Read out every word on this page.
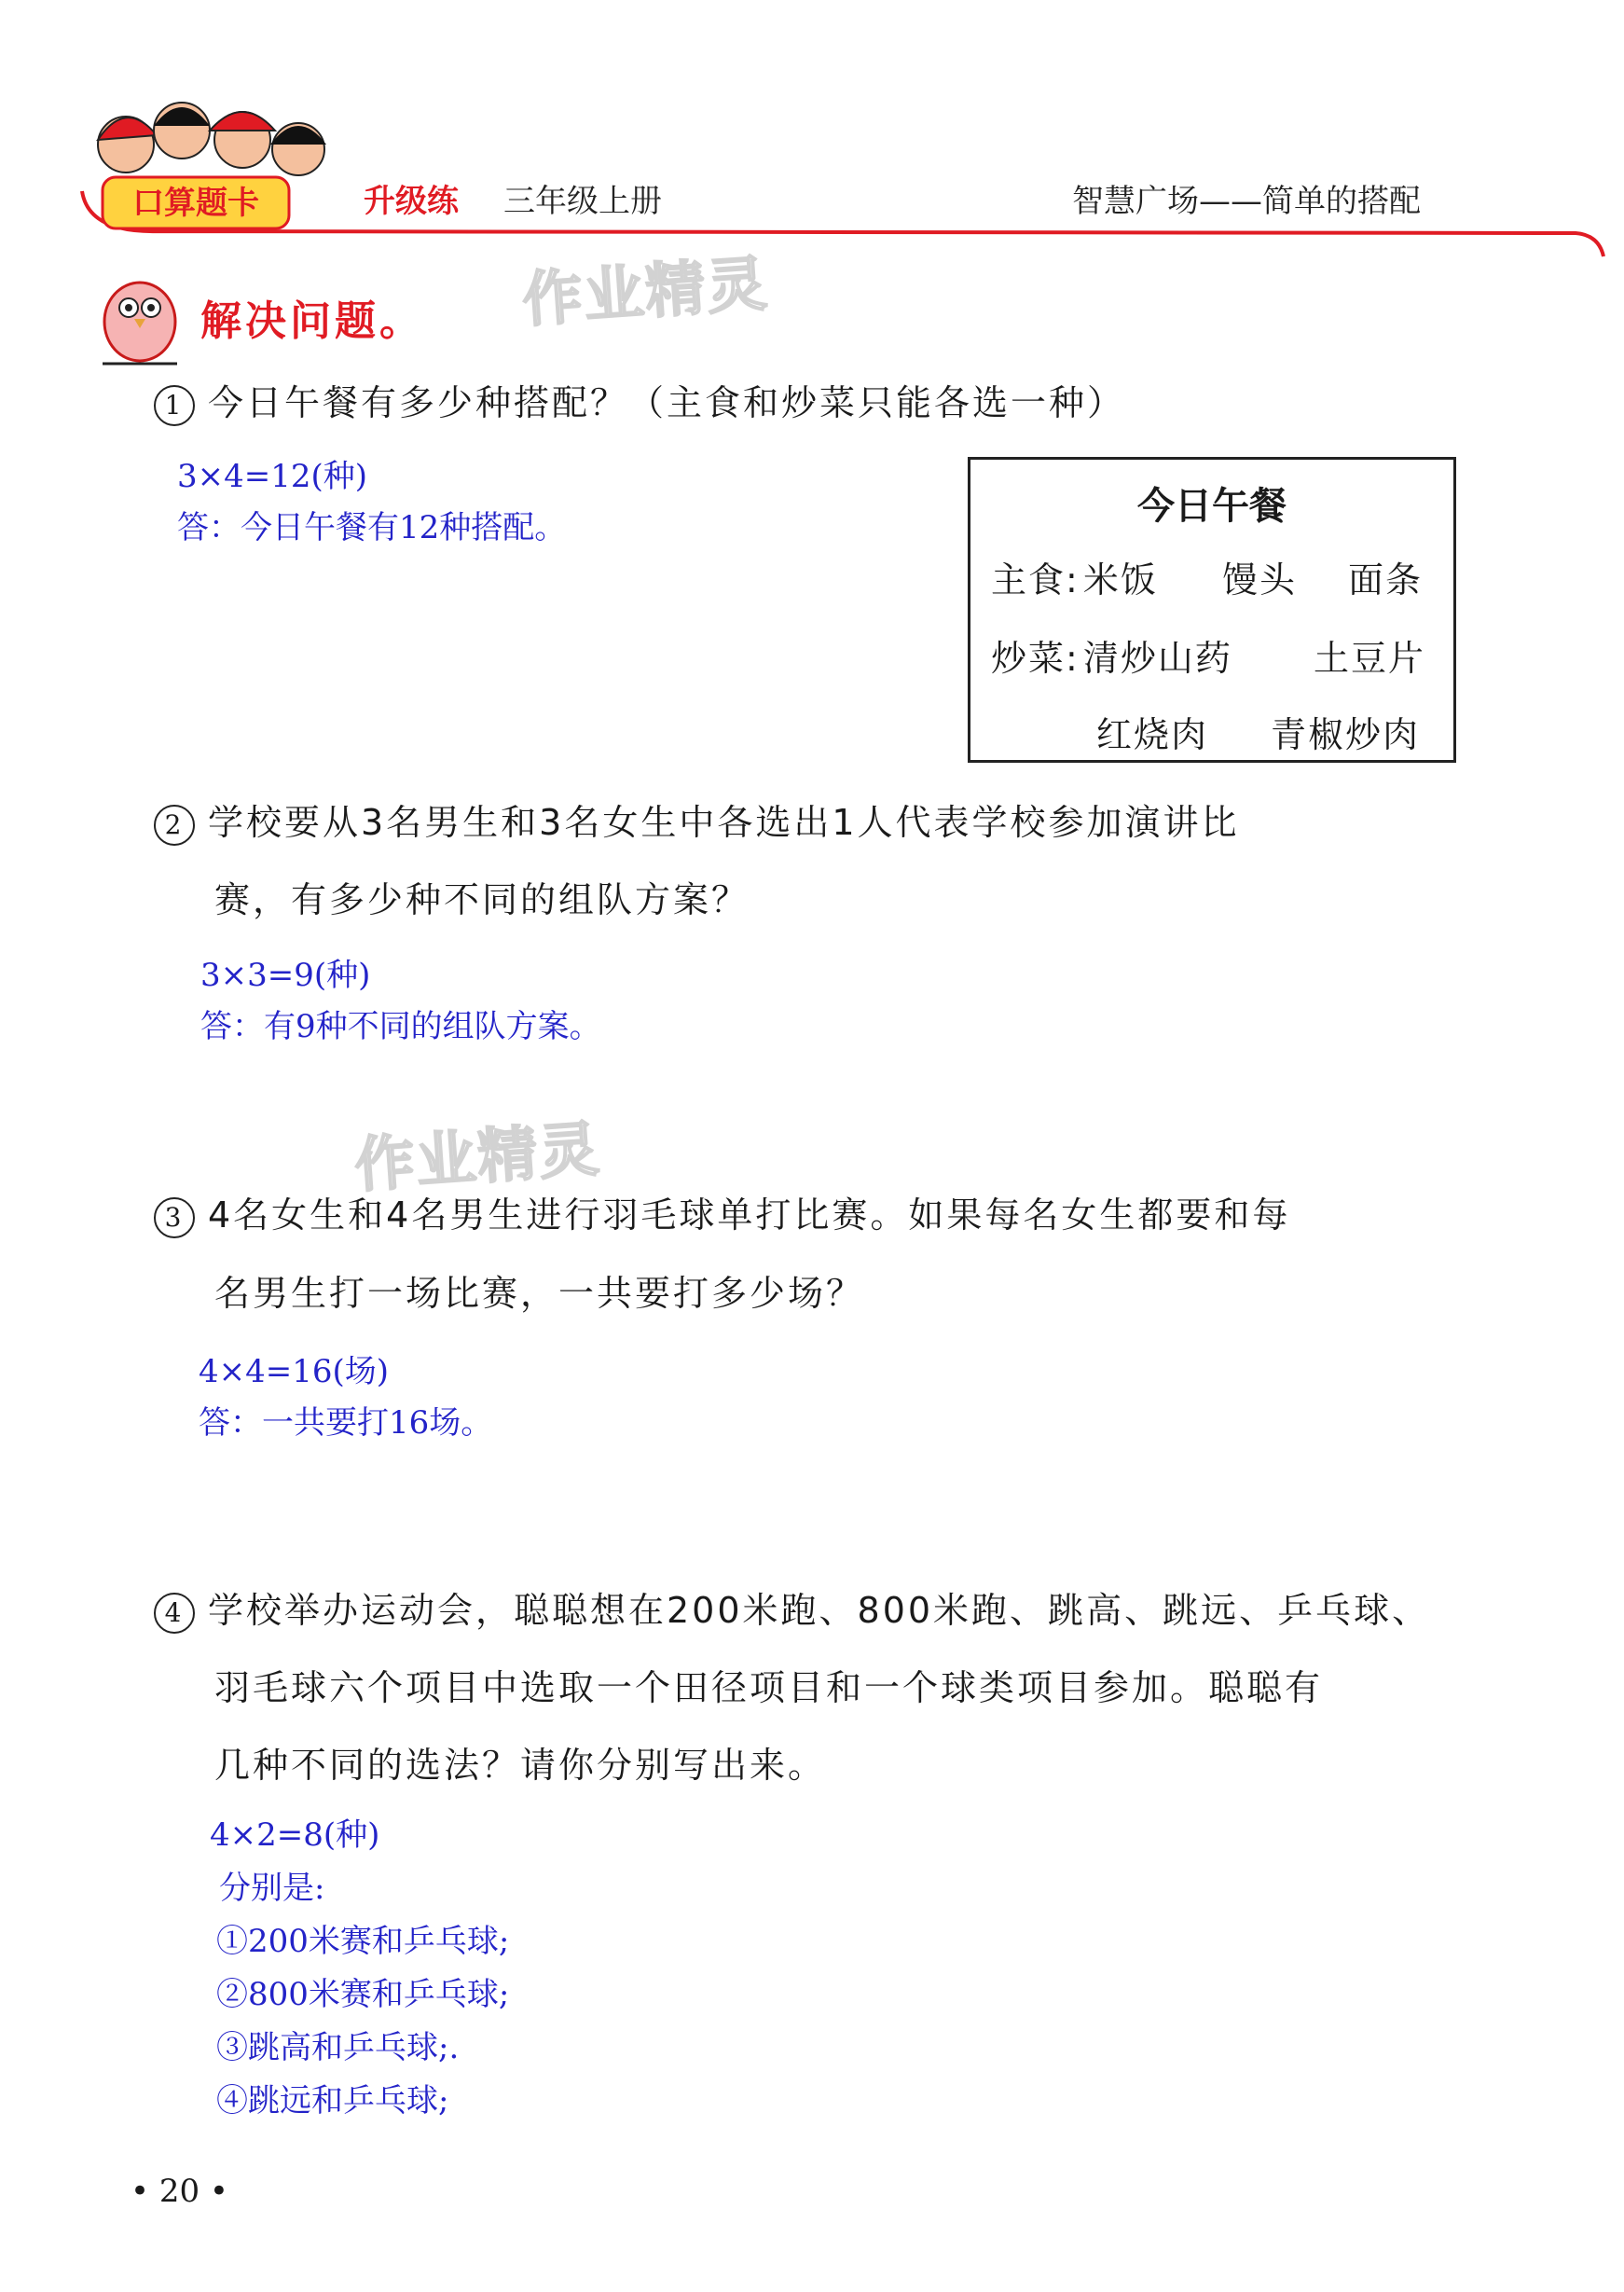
口算题卡	升级练 三年级上册	智慧广场——简单的搭配
解决问题。 作业精灵
作业精灵
1 今日午餐有多少种搭配？（主食和炒菜只能各选一种）
3×4=12(种)
答：今日午餐有12种搭配。	今日午餐
主食: 米饭 馒头 面条
炒菜: 清炒山药 土豆片
红烧肉 青椒炒肉
2 学校要从3名男生和3名女生中各选出1人代表学校参加演讲比
赛，有多少种不同的组队方案？
3×3=9(种)
答：有9种不同的组队方案。
3 4名女生和4名男生进行羽毛球单打比赛。如果每名女生都要和每
名男生打一场比赛，一共要打多少场？
4×4=16(场)
答：一共要打16场。
4 学校举办运动会，聪聪想在200米跑、800米跑、跳高、跳远、乒乓球、
羽毛球六个项目中选取一个田径项目和一个球类项目参加。聪聪有
几种不同的选法？请你分别写出来。
4×2=8(种)
分别是:
①200米赛和乒乓球;
②800米赛和乒乓球;
③跳高和乒乓球;.
④跳远和乒乓球;
• 20 •
